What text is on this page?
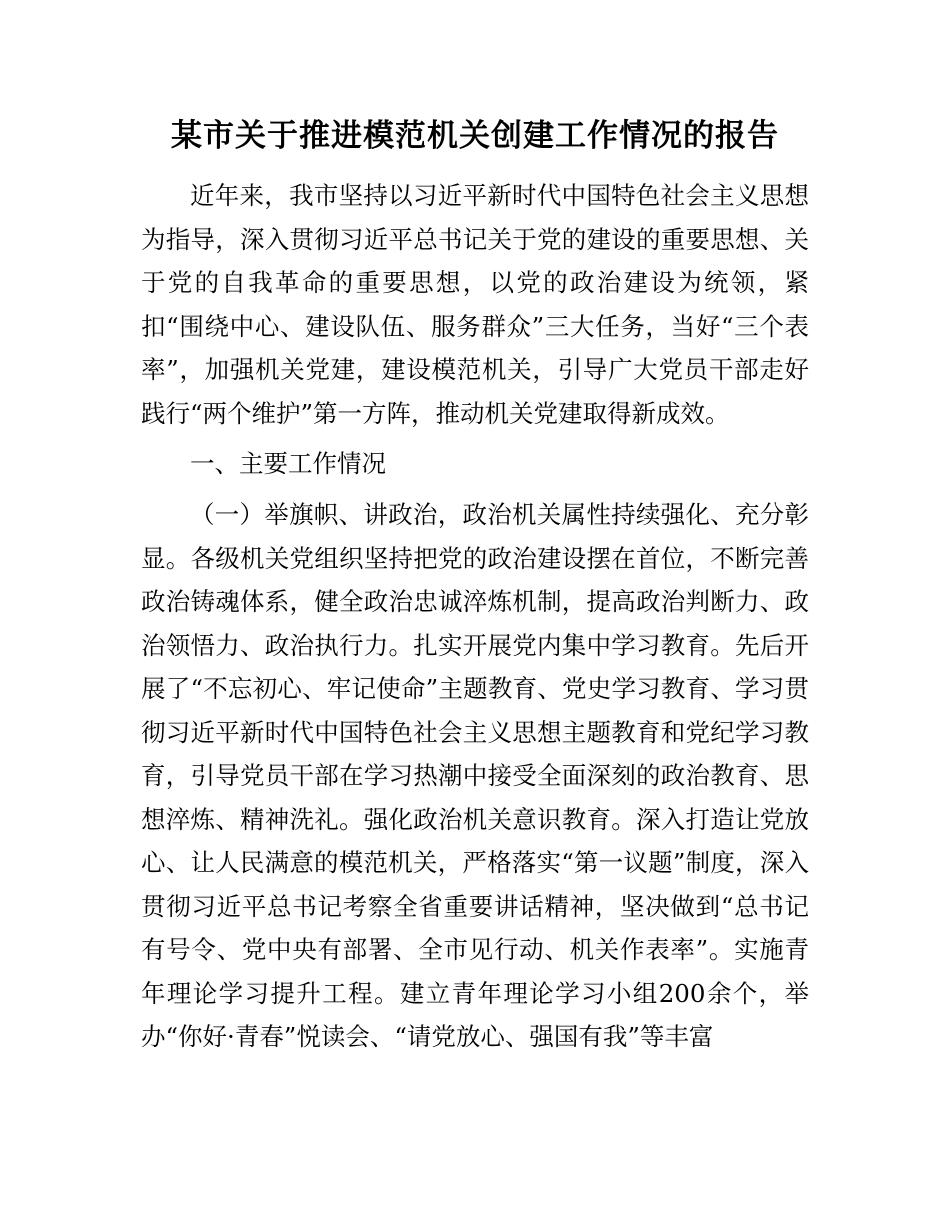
某市关于推进模范机关创建工作情况的报告

近年来，我市坚持以习近平新时代中国特色社会主义思想为指导，深入贯彻习近平总书记关于党的建设的重要思想、关于党的自我革命的重要思想，以党的政治建设为统领，紧扣“围绕中心、建设队伍、服务群众”三大任务，当好“三个表率”，加强机关党建，建设模范机关，引导广大党员干部走好践行“两个维护”第一方阵，推动机关党建取得新成效。

一、主要工作情况

（一）举旗帜、讲政治，政治机关属性持续强化、充分彰显。各级机关党组织坚持把党的政治建设摆在首位，不断完善政治铸魂体系，健全政治忠诚淬炼机制，提高政治判断力、政治领悟力、政治执行力。扎实开展党内集中学习教育。先后开展了“不忘初心、牢记使命”主题教育、党史学习教育、学习贯彻习近平新时代中国特色社会主义思想主题教育和党纪学习教育，引导党员干部在学习热潮中接受全面深刻的政治教育、思想淬炼、精神洗礼。强化政治机关意识教育。深入打造让党放心、让人民满意的模范机关，严格落实“第一议题”制度，深入贯彻习近平总书记考察全省重要讲话精神，坚决做到“总书记有号令、党中央有部署、全市见行动、机关作表率”。实施青年理论学习提升工程。建立青年理论学习小组200余个，举办“你好·青春”悦读会、“请党放心、强国有我”等丰富
